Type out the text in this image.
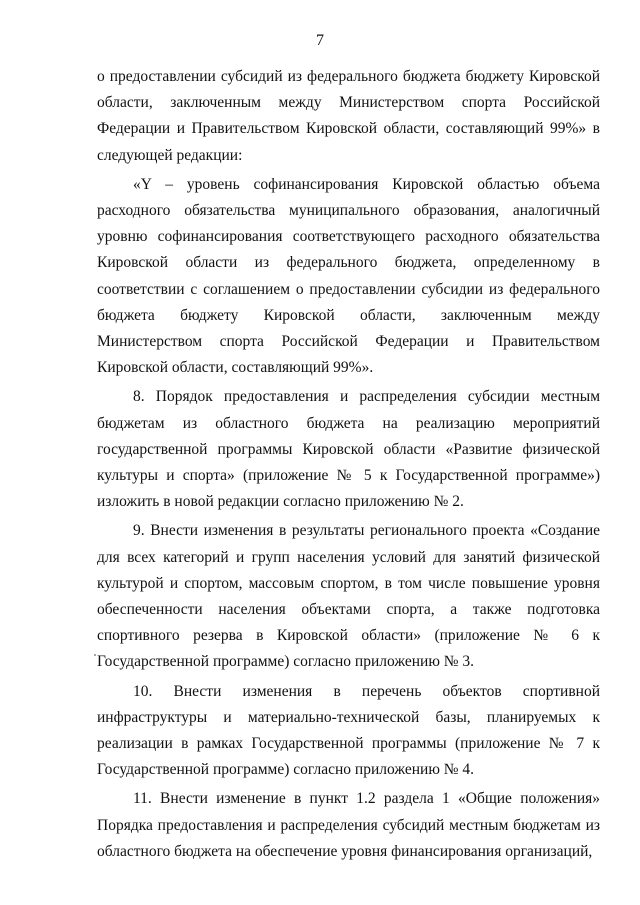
7

о предоставлении субсидий из федерального бюджета бюджету Кировской области, заключенным между Министерством спорта Российской Федерации и Правительством Кировской области, составляющий 99%» в следующей редакции:

«Y – уровень софинансирования Кировской областью объема расходного обязательства муниципального образования, аналогичный уровню софинансирования соответствующего расходного обязательства Кировской области из федерального бюджета, определенному в соответствии с соглашением о предоставлении субсидии из федерального бюджета бюджету Кировской области, заключенным между Министерством спорта Российской Федерации и Правительством Кировской области, составляющий 99%».

8. Порядок предоставления и распределения субсидии местным бюджетам из областного бюджета на реализацию мероприятий государственной программы Кировской области «Развитие физической культуры и спорта» (приложение № 5 к Государственной программе») изложить в новой редакции согласно приложению № 2.

9. Внести изменения в результаты регионального проекта «Создание для всех категорий и групп населения условий для занятий физической культурой и спортом, массовым спортом, в том числе повышение уровня обеспеченности населения объектами спорта, а также подготовка спортивного резерва в Кировской области» (приложение № 6 к Государственной программе) согласно приложению № 3.

10. Внести изменения в перечень объектов спортивной инфраструктуры и материально-технической базы, планируемых к реализации в рамках Государственной программы (приложение № 7 к Государственной программе) согласно приложению № 4.

11. Внести изменение в пункт 1.2 раздела 1 «Общие положения» Порядка предоставления и распределения субсидий местным бюджетам из областного бюджета на обеспечение уровня финансирования организаций,
